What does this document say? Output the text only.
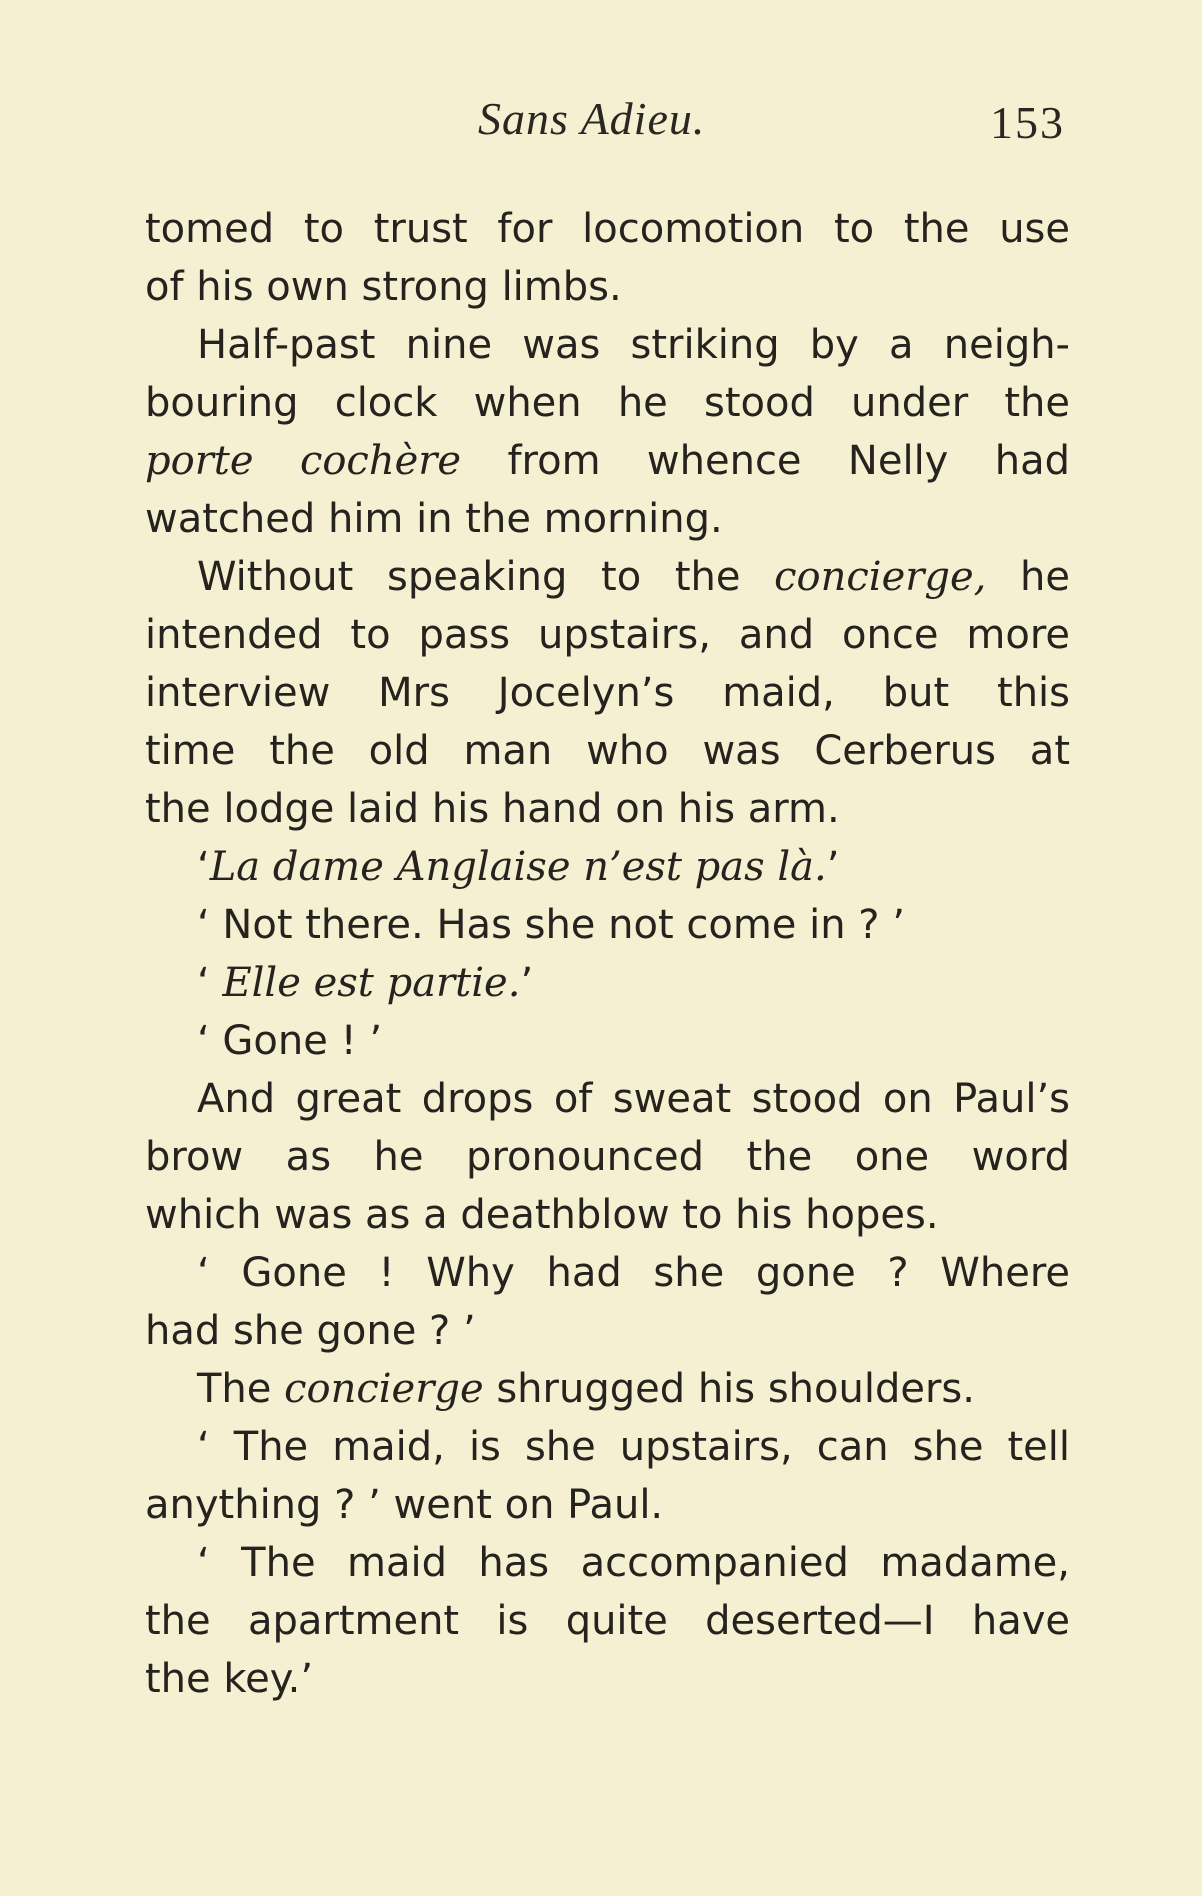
Sans Adieu.	153
tomed to trust for locomotion to the use
of his own strong limbs.
Half-past nine was striking by a neigh-
bouring clock when he stood under the
porte cochère from whence Nelly had
watched him in the morning.
Without speaking to the concierge, he
intended to pass upstairs, and once more
interview Mrs Jocelyn’s maid, but this
time the old man who was Cerberus at
the lodge laid his hand on his arm.
‘La dame Anglaise n’est pas là.’
‘ Not there. Has she not come in ? ’
‘ Elle est partie.’
‘ Gone ! ’
And great drops of sweat stood on Paul’s
brow as he pronounced the one word
which was as a deathblow to his hopes.
‘ Gone ! Why had she gone ? Where
had she gone ? ’
The concierge shrugged his shoulders.
‘ The maid, is she upstairs, can she tell
anything ? ’ went on Paul.
‘ The maid has accompanied madame,
the apartment is quite deserted—I have
the key.’
